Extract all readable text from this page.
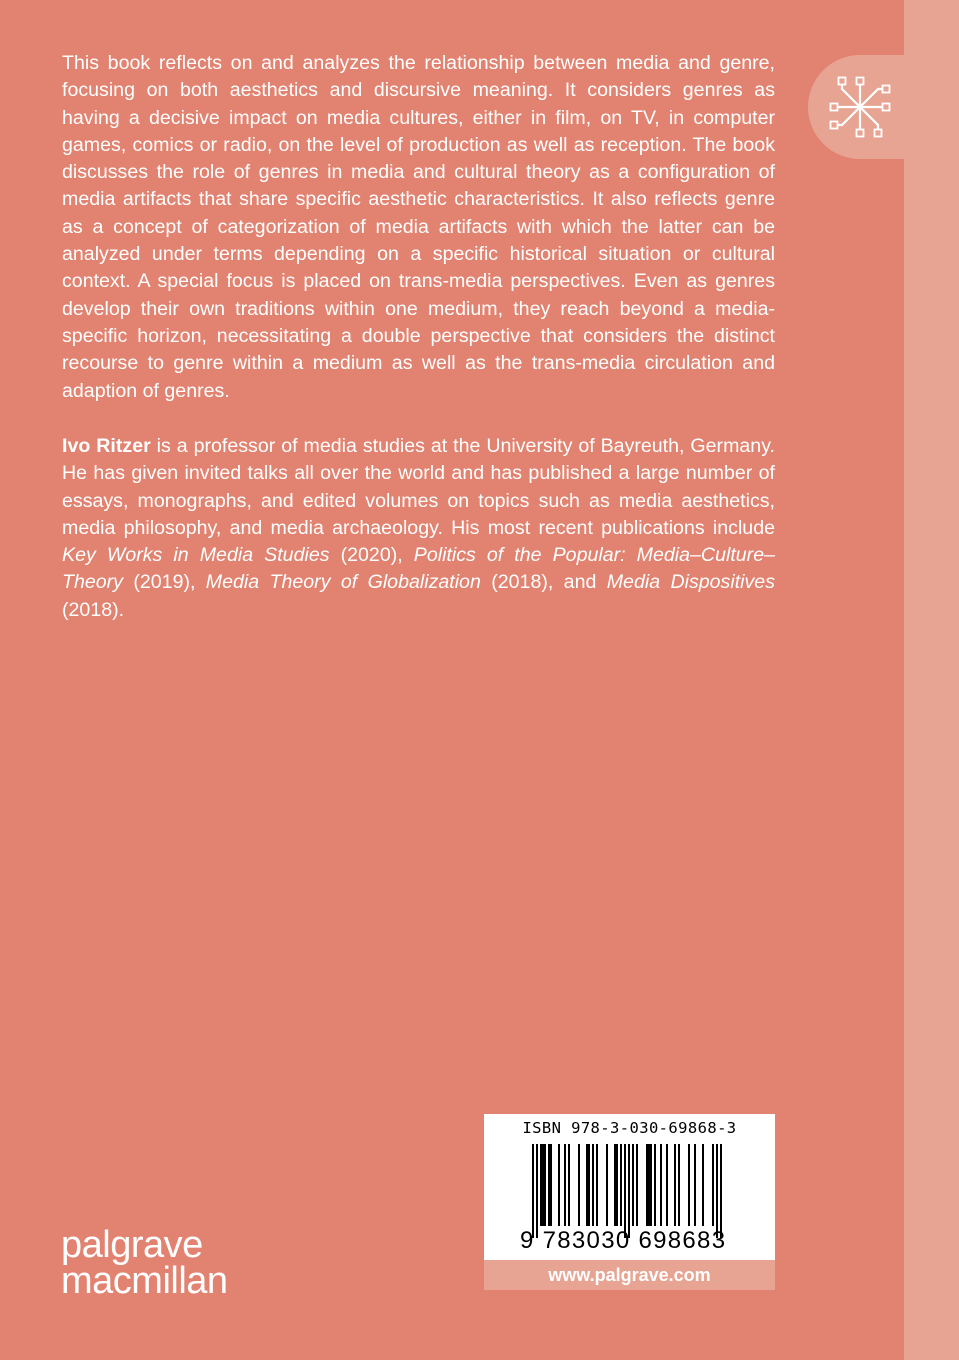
This book reflects on and analyzes the relationship between media and genre, focusing on both aesthetics and discursive meaning. It considers genres as having a decisive impact on media cultures, either in film, on TV, in computer games, comics or radio, on the level of production as well as reception. The book discusses the role of genres in media and cultural theory as a configuration of media artifacts that share specific aesthetic characteristics. It also reflects genre as a concept of categorization of media artifacts with which the latter can be analyzed under terms depending on a specific historical situation or cultural context. A special focus is placed on trans-media perspectives. Even as genres develop their own traditions within one medium, they reach beyond a media-specific horizon, necessitating a double perspective that considers the distinct recourse to genre within a medium as well as the trans-media circulation and adaption of genres.

Ivo Ritzer is a professor of media studies at the University of Bayreuth, Germany. He has given invited talks all over the world and has published a large number of essays, monographs, and edited volumes on topics such as media aesthetics, media philosophy, and media archaeology. His most recent publications include Key Works in Media Studies (2020), Politics of the Popular: Media–Culture–Theory (2019), Media Theory of Globalization (2018), and Media Dispositives (2018).

palgrave
macmillan
ISBN 978-3-030-69868-3
9 783030 698683
www.palgrave.com
